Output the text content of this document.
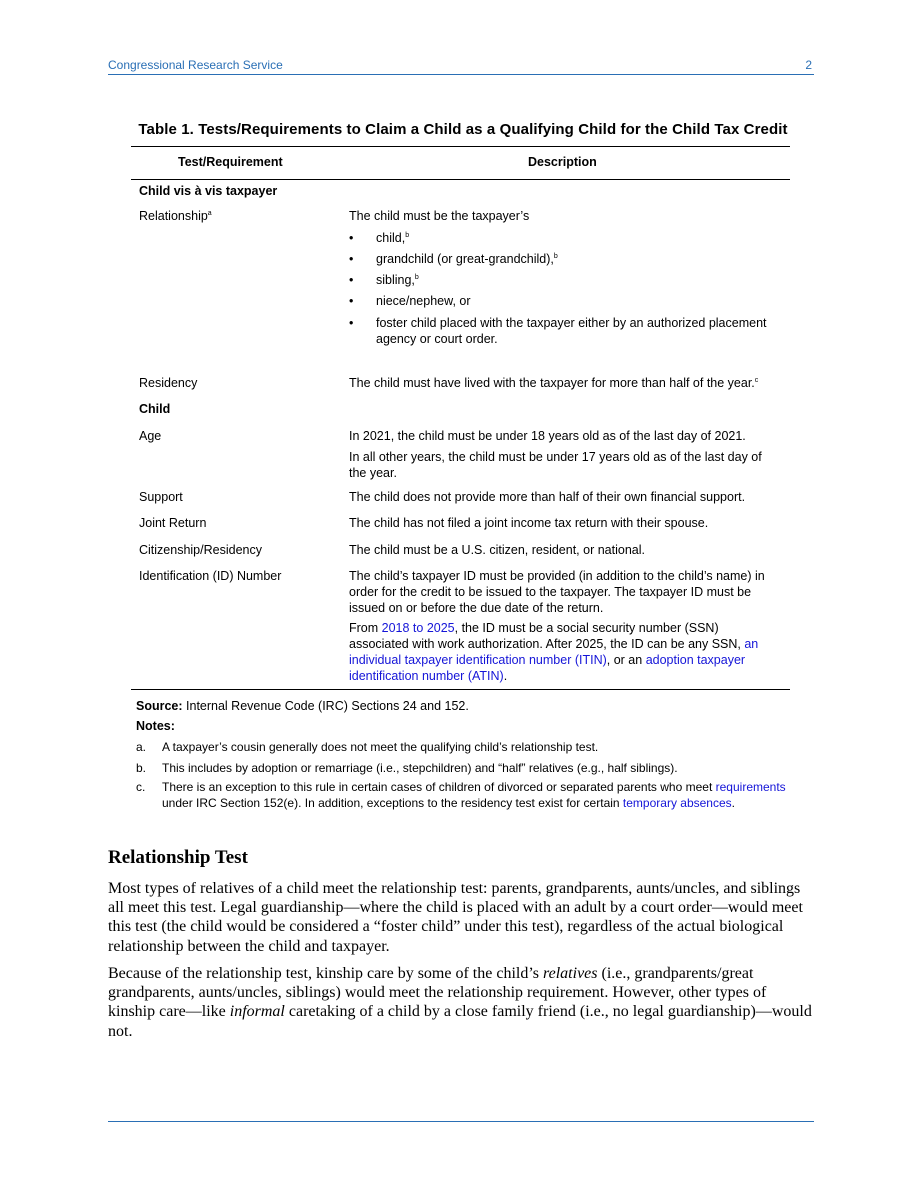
Congressional Research Service	2
Table 1. Tests/Requirements to Claim a Child as a Qualifying Child for the Child Tax Credit
Test/Requirement	Description
Child vis à vis taxpayer
Relationship$^a$	The child must be the taxpayer’s
• child,$^b$
• grandchild (or great-grandchild),$^b$
• sibling,$^b$
• niece/nephew, or
• foster child placed with the taxpayer either by an authorized placement agency or court order.
Residency	The child must have lived with the taxpayer for more than half of the year.$^c$
Child
Age	In 2021, the child must be under 18 years old as of the last day of 2021.
In all other years, the child must be under 17 years old as of the last day of the year.
Support	The child does not provide more than half of their own financial support.
Joint Return	The child has not filed a joint income tax return with their spouse.
Citizenship/Residency	The child must be a U.S. citizen, resident, or national.
Identification (ID) Number	The child’s taxpayer ID must be provided (in addition to the child’s name) in order for the credit to be issued to the taxpayer. The taxpayer ID must be issued on or before the due date of the return.
From 2018 to 2025, the ID must be a social security number (SSN) associated with work authorization. After 2025, the ID can be any SSN, an individual taxpayer identification number (ITIN), or an adoption taxpayer identification number (ATIN).
Source: Internal Revenue Code (IRC) Sections 24 and 152.
Notes:
a. A taxpayer’s cousin generally does not meet the qualifying child’s relationship test.
b. This includes by adoption or remarriage (i.e., stepchildren) and “half” relatives (e.g., half siblings).
c. There is an exception to this rule in certain cases of children of divorced or separated parents who meet requirements under IRC Section 152(e). In addition, exceptions to the residency test exist for certain temporary absences.
Relationship Test
Most types of relatives of a child meet the relationship test: parents, grandparents, aunts/uncles, and siblings all meet this test. Legal guardianship—where the child is placed with an adult by a court order—would meet this test (the child would be considered a “foster child” under this test), regardless of the actual biological relationship between the child and taxpayer.
Because of the relationship test, kinship care by some of the child’s relatives (i.e., grandparents/great grandparents, aunts/uncles, siblings) would meet the relationship requirement. However, other types of kinship care—like informal caretaking of a child by a close family friend (i.e., no legal guardianship)—would not.
